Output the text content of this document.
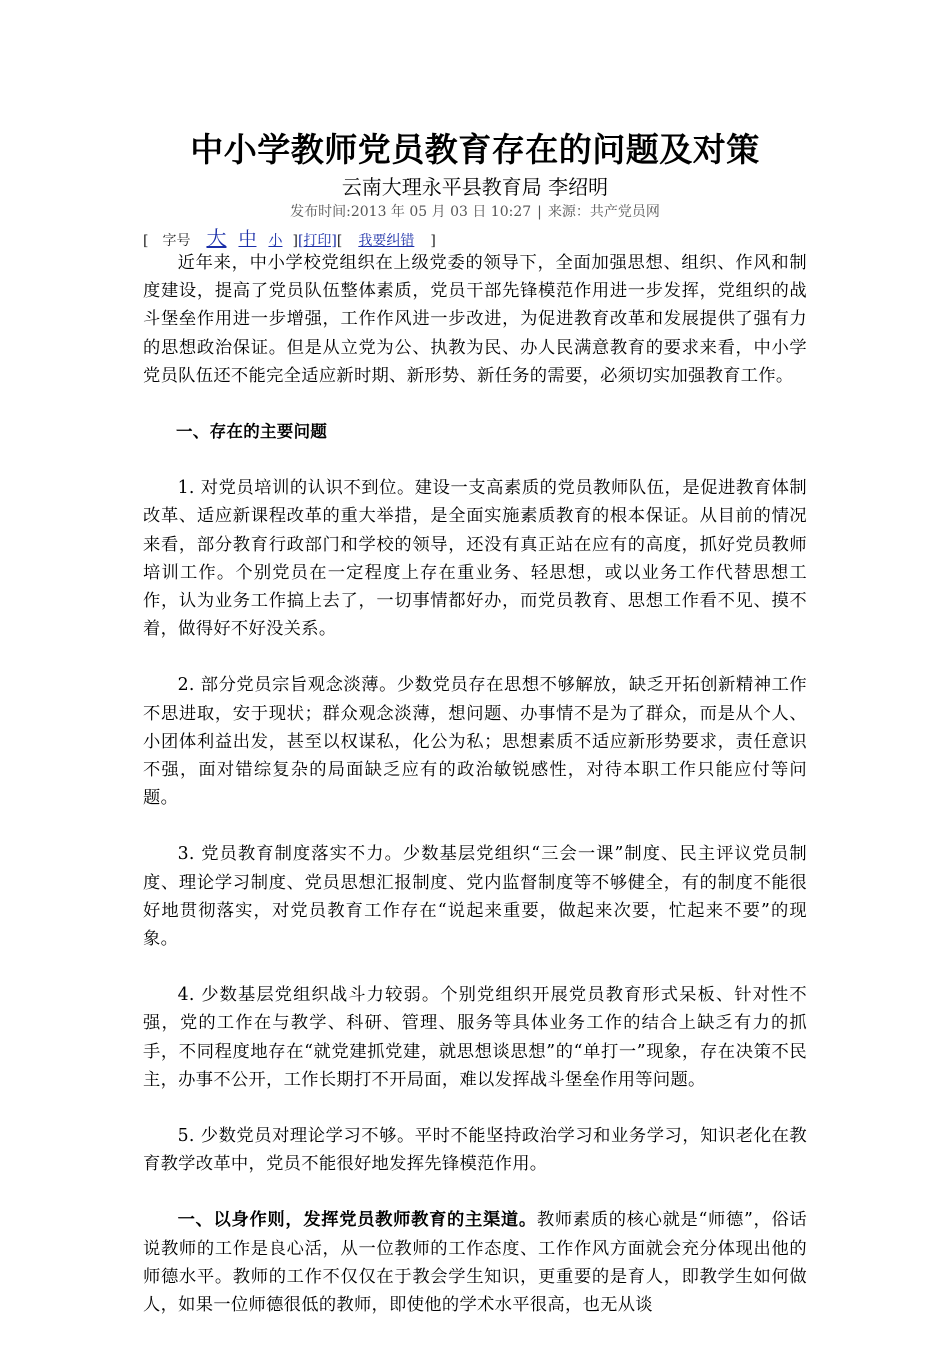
中小学教师党员教育存在的问题及对策
云南大理永平县教育局 李绍明
发布时间:2013 年 05 月 03 日 10:27 | 来源：共产党员网
[ 字号 大 中 小 ][打印][ 我要纠错 ]

近年来，中小学校党组织在上级党委的领导下，全面加强思想、组织、作风和制度建设，提高了党员队伍整体素质，党员干部先锋模范作用进一步发挥，党组织的战斗堡垒作用进一步增强，工作作风进一步改进，为促进教育改革和发展提供了强有力的思想政治保证。但是从立党为公、执教为民、办人民满意教育的要求来看，中小学党员队伍还不能完全适应新时期、新形势、新任务的需要，必须切实加强教育工作。

一、存在的主要问题

1. 对党员培训的认识不到位。建设一支高素质的党员教师队伍，是促进教育体制改革、适应新课程改革的重大举措，是全面实施素质教育的根本保证。从目前的情况来看，部分教育行政部门和学校的领导，还没有真正站在应有的高度，抓好党员教师培训工作。个别党员在一定程度上存在重业务、轻思想，或以业务工作代替思想工作，认为业务工作搞上去了，一切事情都好办，而党员教育、思想工作看不见、摸不着，做得好不好没关系。

2. 部分党员宗旨观念淡薄。少数党员存在思想不够解放，缺乏开拓创新精神工作不思进取，安于现状；群众观念淡薄，想问题、办事情不是为了群众，而是从个人、小团体利益出发，甚至以权谋私，化公为私；思想素质不适应新形势要求，责任意识不强，面对错综复杂的局面缺乏应有的政治敏锐感性，对待本职工作只能应付等问题。

3. 党员教育制度落实不力。少数基层党组织“三会一课”制度、民主评议党员制度、理论学习制度、党员思想汇报制度、党内监督制度等不够健全，有的制度不能很好地贯彻落实，对党员教育工作存在“说起来重要，做起来次要，忙起来不要”的现象。

4. 少数基层党组织战斗力较弱。个别党组织开展党员教育形式呆板、针对性不强，党的工作在与教学、科研、管理、服务等具体业务工作的结合上缺乏有力的抓手，不同程度地存在“就党建抓党建，就思想谈思想”的“单打一”现象，存在决策不民主，办事不公开，工作长期打不开局面，难以发挥战斗堡垒作用等问题。

5. 少数党员对理论学习不够。平时不能坚持政治学习和业务学习，知识老化在教育教学改革中，党员不能很好地发挥先锋模范作用。

一、以身作则，发挥党员教师教育的主渠道。教师素质的核心就是“师德”，俗话说教师的工作是良心活，从一位教师的工作态度、工作作风方面就会充分体现出他的师德水平。教师的工作不仅仅在于教会学生知识，更重要的是育人，即教学生如何做人，如果一位师德很低的教师，即使他的学术水平很高，也无从谈
